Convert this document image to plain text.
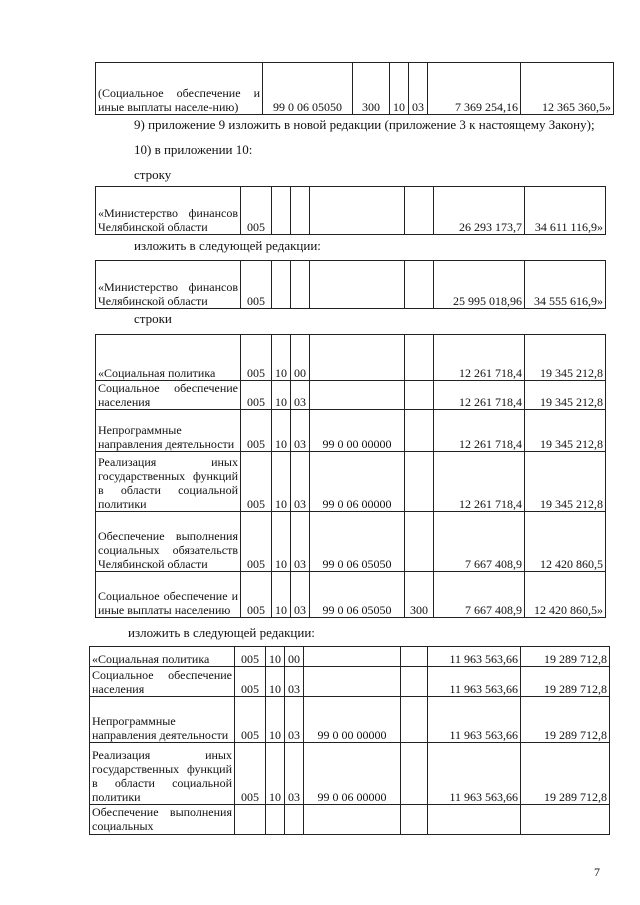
(Социальное обеспечение и иные выплаты населе-нию)	99 0 06 05050	300	10	03	7 369 254,16	12 365 360,5»
9) приложение 9 изложить в новой редакции (приложение 3 к настоящему Закону);
10) в приложении 10:
строку
«Министерство финансов Челябинской области	005					26 293 173,7	34 611 116,9»
изложить в следующей редакции:
«Министерство финансов Челябинской области	005					25 995 018,96	34 555 616,9»
строки
«Социальная политика	005	10	00			12 261 718,4	19 345 212,8
Социальное обеспечение населения	005	10	03			12 261 718,4	19 345 212,8
Непрограммные направления деятельности	005	10	03	99 0 00 00000		12 261 718,4	19 345 212,8
Реализация иных государственных функций в области социальной политики	005	10	03	99 0 06 00000		12 261 718,4	19 345 212,8
Обеспечение выполнения социальных обязательств Челябинской области	005	10	03	99 0 06 05050		7 667 408,9	12 420 860,5
Социальное обеспечение и иные выплаты населению	005	10	03	99 0 06 05050	300	7 667 408,9	12 420 860,5»
изложить в следующей редакции:
«Социальная политика	005	10	00			11 963 563,66	19 289 712,8
Социальное обеспечение населения	005	10	03			11 963 563,66	19 289 712,8
Непрограммные направления деятельности	005	10	03	99 0 00 00000		11 963 563,66	19 289 712,8
Реализация иных государственных функций в области социальной политики	005	10	03	99 0 06 00000		11 963 563,66	19 289 712,8
Обеспечение выполнения социальных							
7
